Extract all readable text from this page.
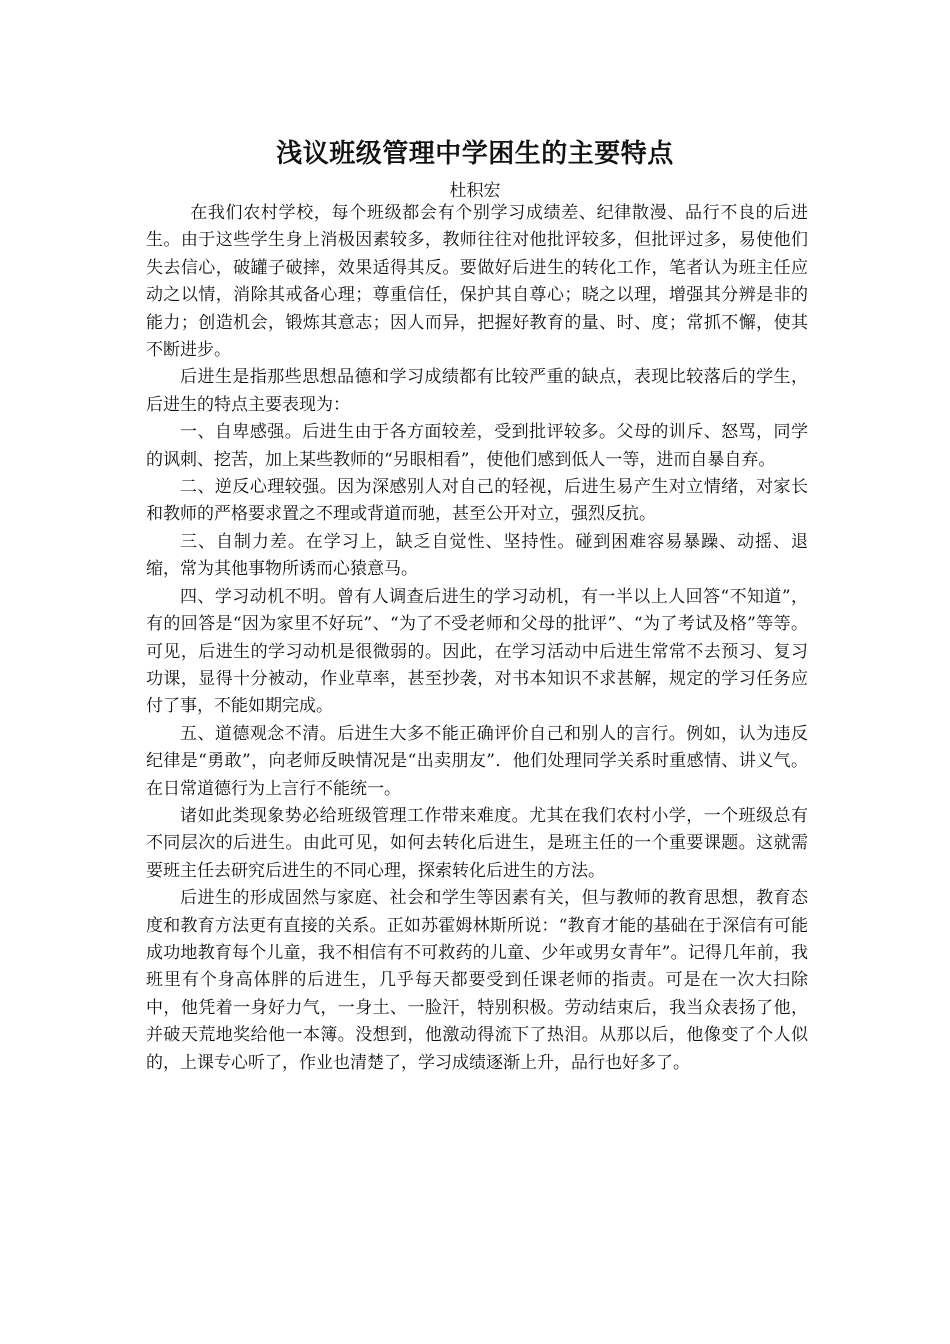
浅议班级管理中学困生的主要特点
杜积宏

在我们农村学校，每个班级都会有个别学习成绩差、纪律散漫、品行不良的后进生。由于这些学生身上消极因素较多，教师往往对他批评较多，但批评过多，易使他们失去信心，破罐子破摔，效果适得其反。要做好后进生的转化工作，笔者认为班主任应动之以情，消除其戒备心理；尊重信任，保护其自尊心；晓之以理，增强其分辨是非的能力；创造机会，锻炼其意志；因人而异，把握好教育的量、时、度；常抓不懈，使其不断进步。

后进生是指那些思想品德和学习成绩都有比较严重的缺点，表现比较落后的学生，后进生的特点主要表现为：

一、自卑感强。后进生由于各方面较差，受到批评较多。父母的训斥、怒骂，同学的讽刺、挖苦，加上某些教师的“另眼相看”，使他们感到低人一等，进而自暴自弃。

二、逆反心理较强。因为深感别人对自己的轻视，后进生易产生对立情绪，对家长和教师的严格要求置之不理或背道而驰，甚至公开对立，强烈反抗。

三、自制力差。在学习上，缺乏自觉性、坚持性。碰到困难容易暴躁、动摇、退缩，常为其他事物所诱而心猿意马。

四、学习动机不明。曾有人调查后进生的学习动机，有一半以上人回答“不知道”，有的回答是“因为家里不好玩”、“为了不受老师和父母的批评”、“为了考试及格”等等。可见，后进生的学习动机是很微弱的。因此，在学习活动中后进生常常不去预习、复习功课，显得十分被动，作业草率，甚至抄袭，对书本知识不求甚解，规定的学习任务应付了事，不能如期完成。

五、道德观念不清。后进生大多不能正确评价自己和别人的言行。例如，认为违反纪律是“勇敢”，向老师反映情况是“出卖朋友”．他们处理同学关系时重感情、讲义气。在日常道德行为上言行不能统一。

诸如此类现象势必给班级管理工作带来难度。尤其在我们农村小学，一个班级总有不同层次的后进生。由此可见，如何去转化后进生，是班主任的一个重要课题。这就需要班主任去研究后进生的不同心理，探索转化后进生的方法。

后进生的形成固然与家庭、社会和学生等因素有关，但与教师的教育思想，教育态度和教育方法更有直接的关系。正如苏霍姆林斯所说：“教育才能的基础在于深信有可能成功地教育每个儿童，我不相信有不可救药的儿童、少年或男女青年”。记得几年前，我班里有个身高体胖的后进生，几乎每天都要受到任课老师的指责。可是在一次大扫除中，他凭着一身好力气，一身土、一脸汗，特别积极。劳动结束后，我当众表扬了他，并破天荒地奖给他一本簿。没想到，他激动得流下了热泪。从那以后，他像变了个人似的，上课专心听了，作业也清楚了，学习成绩逐渐上升，品行也好多了。
